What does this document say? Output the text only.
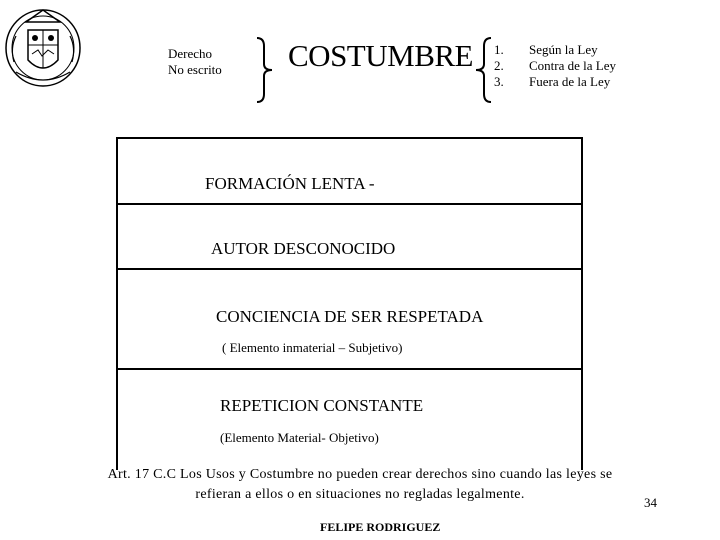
Derecho
No escrito COSTUMBRE 1.
2.
3.
Según la Ley
Contra de la Ley
Fuera de la Ley
FORMACIÓN LENTA -
AUTOR DESCONOCIDO
CONCIENCIA DE SER RESPETADA
( Elemento inmaterial – Subjetivo)
REPETICION CONSTANTE
(Elemento Material- Objetivo)
Art. 17 C.C Los Usos y Costumbre no pueden crear derechos sino cuando las leyes se
refieran a ellos o en situaciones no regladas legalmente.
34
FELIPE RODRIGUEZ
